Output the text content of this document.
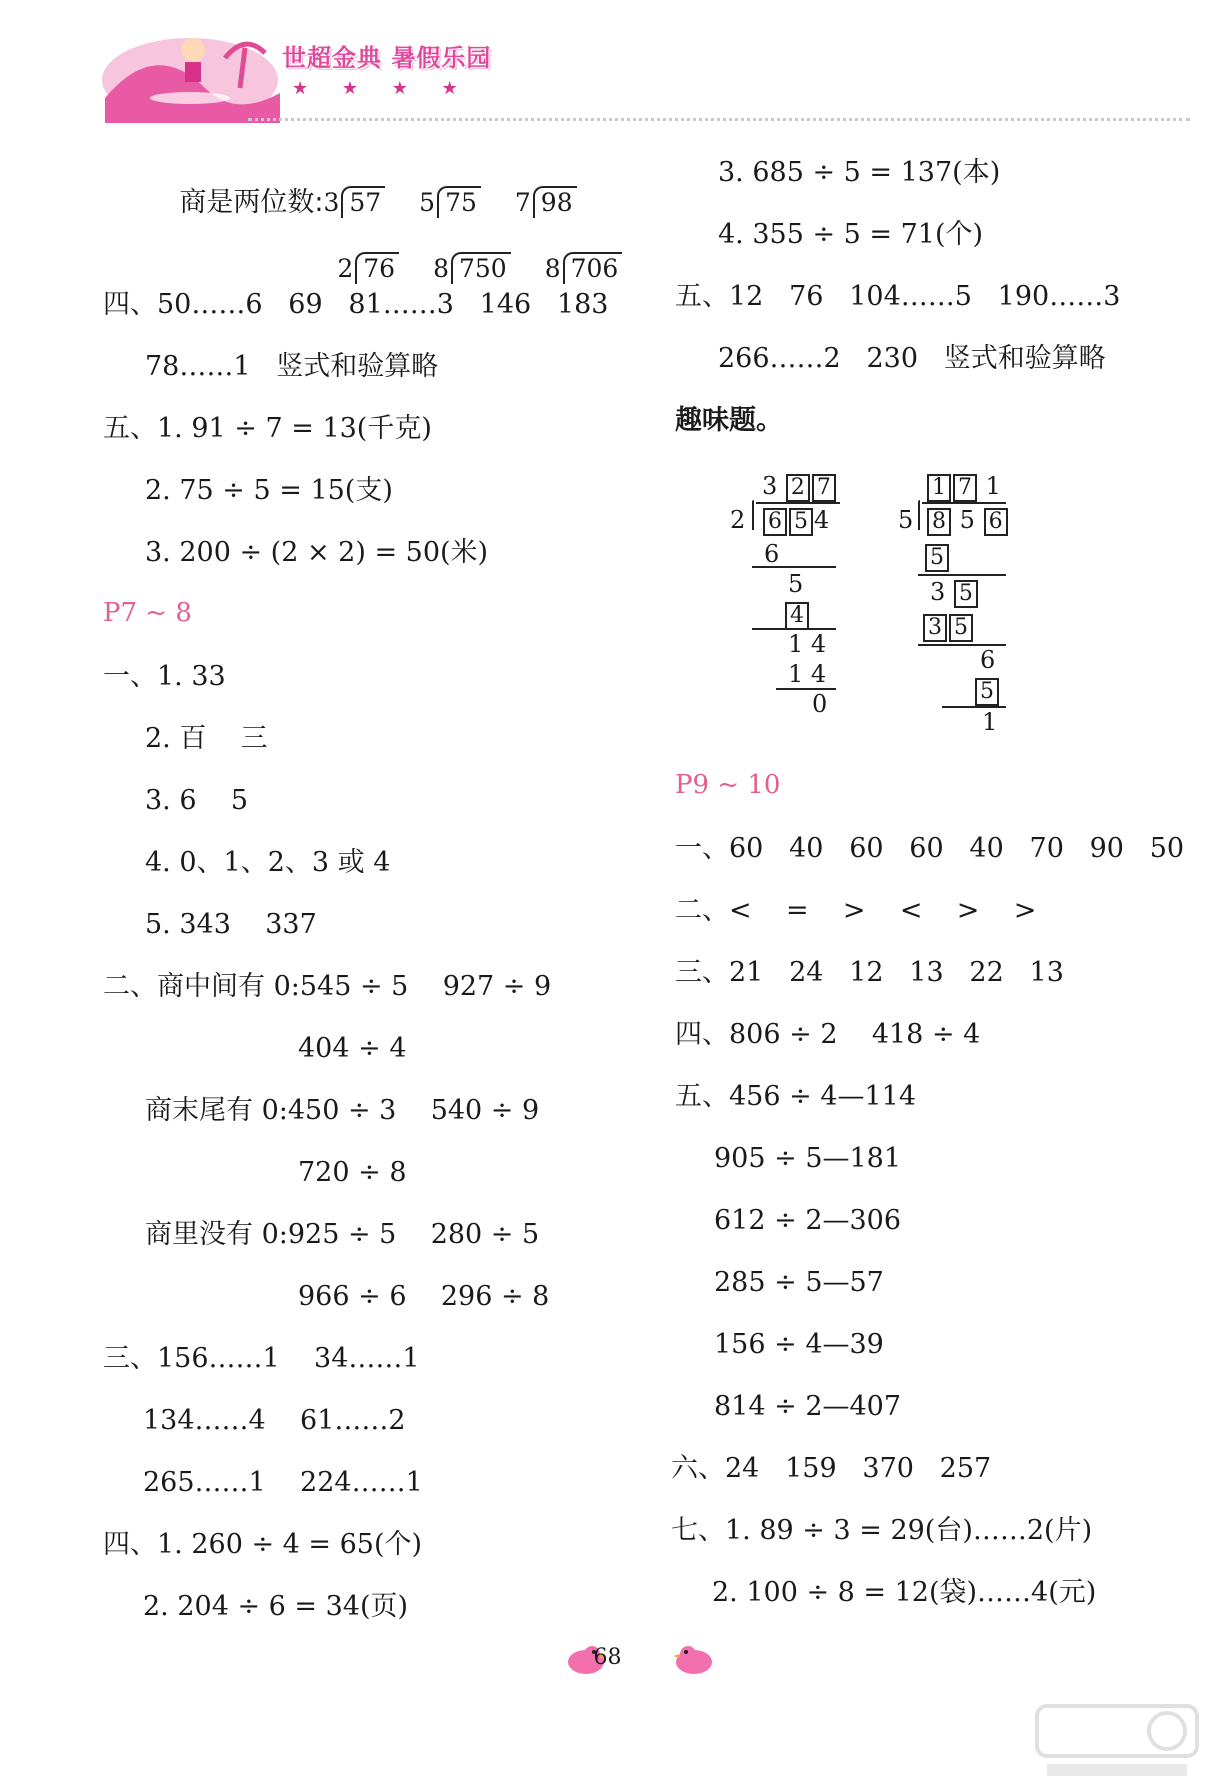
世超金典 暑假乐园
★ ★ ★ ★

商是两位数:3 57 5 75 7 98

2 76 8 750 8 706

四、50……6   69   81……3   146   183
78……1   竖式和验算略
五、1. 91 ÷ 7 = 13(千克)
2. 75 ÷ 5 = 15(支)
3. 200 ÷ (2 × 2) = 50(米)
P7 ~ 8
一、1. 33
2. 百    三
3. 6    5
4. 0、1、2、3 或 4
5. 343    337
二、商中间有 0:545 ÷ 5    927 ÷ 9
404 ÷ 4
商末尾有 0:450 ÷ 3    540 ÷ 9
720 ÷ 8
商里没有 0:925 ÷ 5    280 ÷ 5
966 ÷ 6    296 ÷ 8
三、156……1    34……1
134……4    61……2
265……1    224……1
四、1. 260 ÷ 4 = 65(个)
2. 204 ÷ 6 = 34(页)
3. 685 ÷ 5 = 137(本)
4. 355 ÷ 5 = 71(个)
五、12   76   104……5   190……3
266……2   230   竖式和验算略
趣味题。
3 2 7
2 6 5 4
6
5
4
1 4
1 4
0
1 7 1
5 8 5 6
5
3 5
3 5
6
5
1
P9 ~ 10
一、60   40   60   60   40   70   90   50
二、<    =    >    <    >    >
三、21   24   12   13   22   13
四、806 ÷ 2    418 ÷ 4
五、456 ÷ 4—114
905 ÷ 5—181
612 ÷ 2—306
285 ÷ 5—57
156 ÷ 4—39
814 ÷ 2—407
六、24   159   370   257
七、1. 89 ÷ 3 = 29(台)……2(片)
2. 100 ÷ 8 = 12(袋)……4(元)
68
